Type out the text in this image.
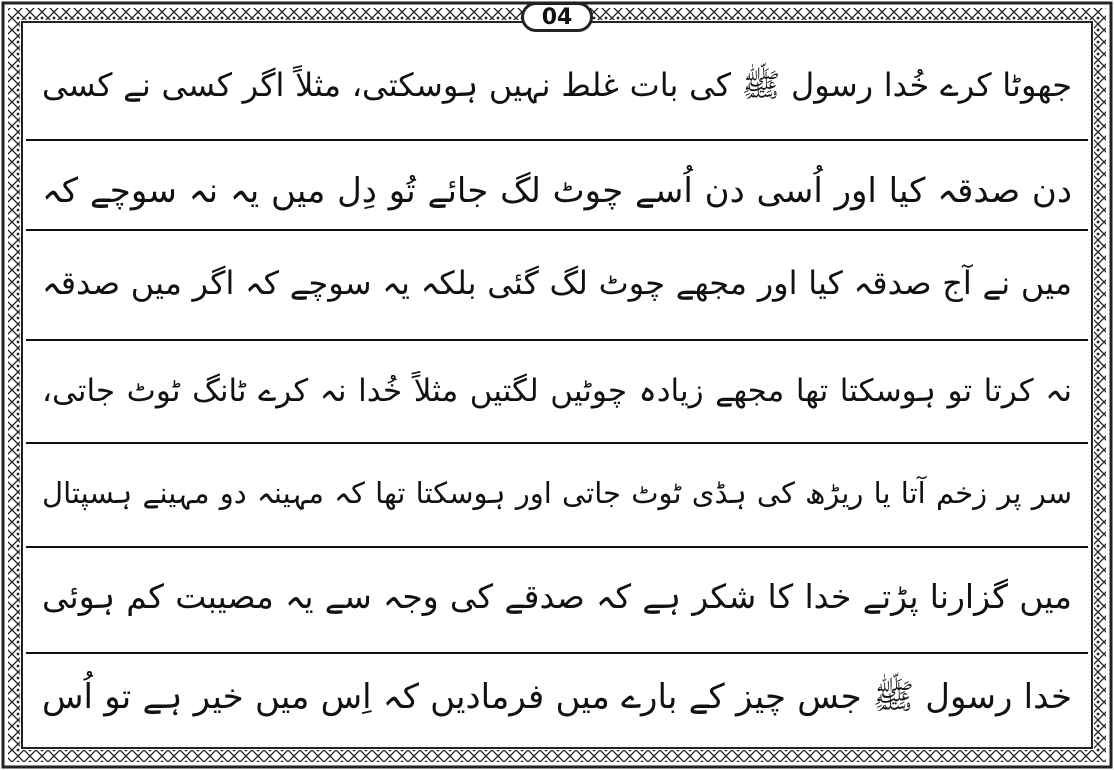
04
جھوٹا کرے خُدا رسول ﷺ کی بات غلط نہیں ہوسکتی، مثلاً اگر کسی نے کسی
دن صدقہ کیا اور اُسی دن اُسے چوٹ لگ جائے تُو دِل میں یہ نہ سوچے کہ
میں نے آج صدقہ کیا اور مجھے چوٹ لگ گئی بلکہ یہ سوچے کہ اگر میں صدقہ
نہ کرتا تو ہوسکتا تھا مجھے زیادہ چوٹیں لگتیں مثلاً خُدا نہ کرے ٹانگ ٹوٹ جاتی،
سر پر زخم آتا یا ریڑھ کی ہڈی ٹوٹ جاتی اور ہوسکتا تھا کہ مہینہ دو مہینے ہسپتال
میں گزارنا پڑتے خدا کا شکر ہے کہ صدقے کی وجہ سے یہ مصیبت کم ہوئی
خدا رسول ﷺ جس چیز کے بارے میں فرمادیں کہ اِس میں خیر ہے تو اُس
